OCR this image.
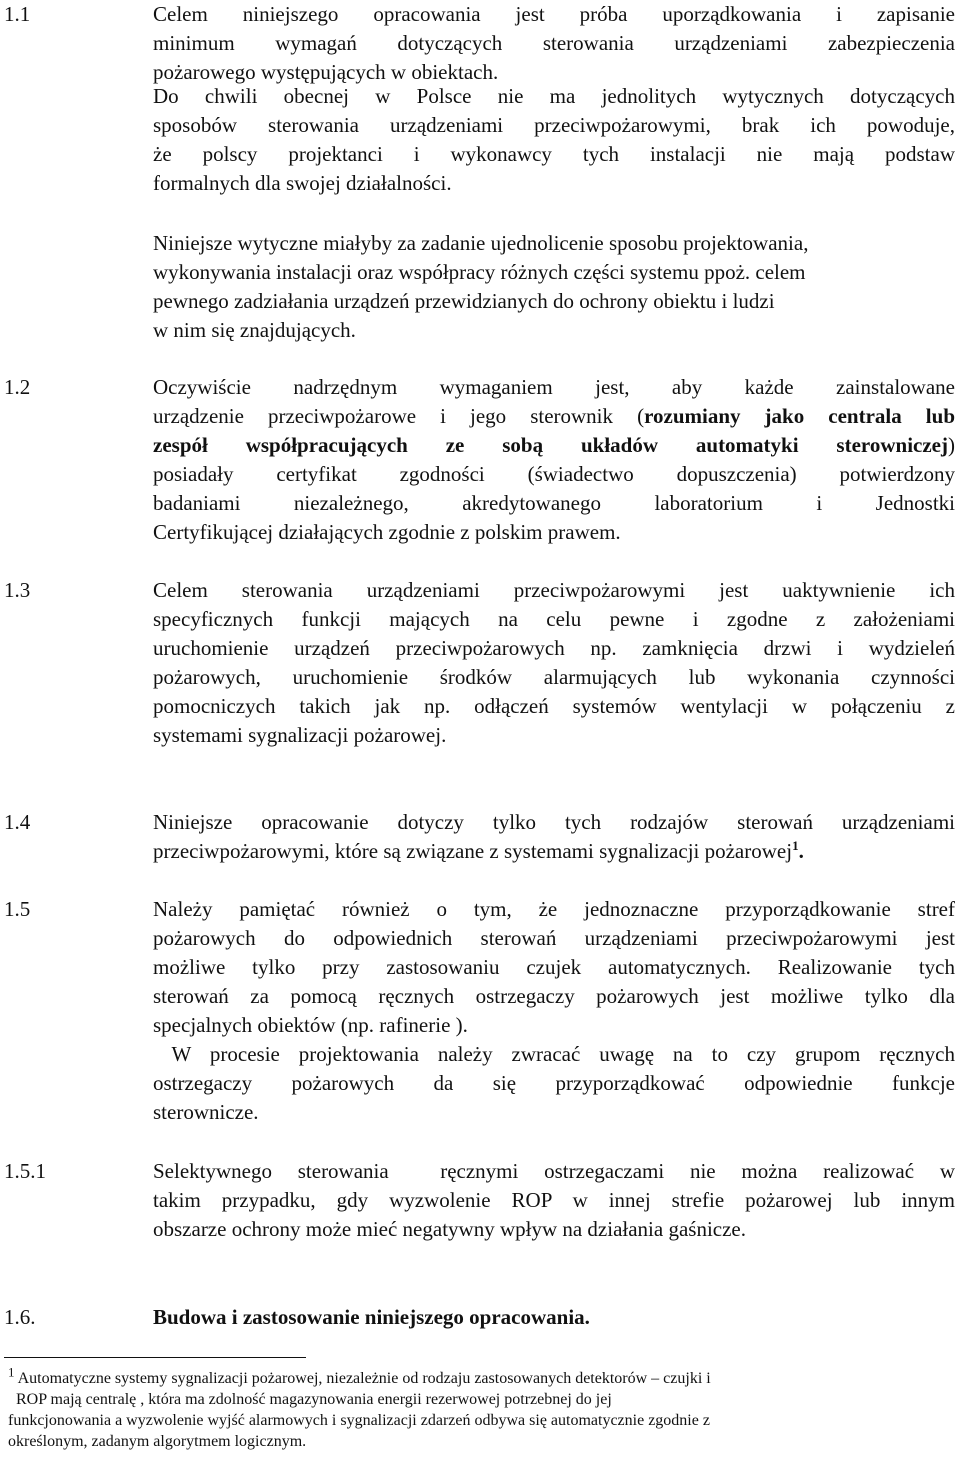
1.1	Celem niniejszego opracowania jest próba uporządkowania i zapisanie
minimum wymagań dotyczących sterowania urządzeniami zabezpieczenia
pożarowego występujących w obiektach.
Do chwili obecnej w Polsce nie ma jednolitych wytycznych dotyczących
sposobów sterowania urządzeniami przeciwpożarowymi, brak ich powoduje,
że polscy projektanci i wykonawcy tych instalacji nie mają podstaw
formalnych dla swojej działalności.
Niniejsze wytyczne miałyby za zadanie ujednolicenie sposobu projektowania,
wykonywania instalacji oraz współpracy różnych części systemu ppoż. celem
pewnego zadziałania urządzeń przewidzianych do ochrony obiektu i ludzi
w nim się znajdujących.
1.2	Oczywiście nadrzędnym wymaganiem jest, aby każde zainstalowane
urządzenie przeciwpożarowe i jego sterownik (rozumiany jako centrala lub
zespół współpracujących ze sobą układów automatyki sterowniczej)
posiadały certyfikat zgodności (świadectwo dopuszczenia) potwierdzony
badaniami niezależnego, akredytowanego laboratorium i Jednostki
Certyfikującej działających zgodnie z polskim prawem.
1.3	Celem sterowania urządzeniami przeciwpożarowymi jest uaktywnienie ich
specyficznych funkcji mających na celu pewne i zgodne z założeniami
uruchomienie urządzeń przeciwpożarowych np. zamknięcia drzwi i wydzieleń
pożarowych, uruchomienie środków alarmujących lub wykonania czynności
pomocniczych takich jak np. odłączeń systemów wentylacji w połączeniu z
systemami sygnalizacji pożarowej.
1.4	Niniejsze opracowanie dotyczy tylko tych rodzajów sterowań urządzeniami
przeciwpożarowymi, które są związane z systemami sygnalizacji pożarowej$^1$.
1.5	Należy pamiętać również o tym, że jednoznaczne przyporządkowanie stref
pożarowych do odpowiednich sterowań urządzeniami przeciwpożarowymi jest
możliwe tylko przy zastosowaniu czujek automatycznych. Realizowanie tych
sterowań za pomocą ręcznych ostrzegaczy pożarowych jest możliwe tylko dla
specjalnych obiektów (np. rafinerie ).
W procesie projektowania należy zwracać uwagę na to czy grupom ręcznych
ostrzegaczy pożarowych da się przyporządkować odpowiednie funkcje
sterownicze.
1.5.1	Selektywnego sterowania  ręcznymi ostrzegaczami nie można realizować w
takim przypadku, gdy wyzwolenie ROP w innej strefie pożarowej lub innym
obszarze ochrony może mieć negatywny wpływ na działania gaśnicze.
1.6.	Budowa i zastosowanie niniejszego opracowania.
$^1$ Automatyczne systemy sygnalizacji pożarowej, niezależnie od rodzaju zastosowanych detektorów – czujki i
ROP mają centralę , która ma zdolność magazynowania energii rezerwowej potrzebnej do jej
funkcjonowania a wyzwolenie wyjść alarmowych i sygnalizacji zdarzeń odbywa się automatycznie zgodnie z
określonym, zadanym algorytmem logicznym.
